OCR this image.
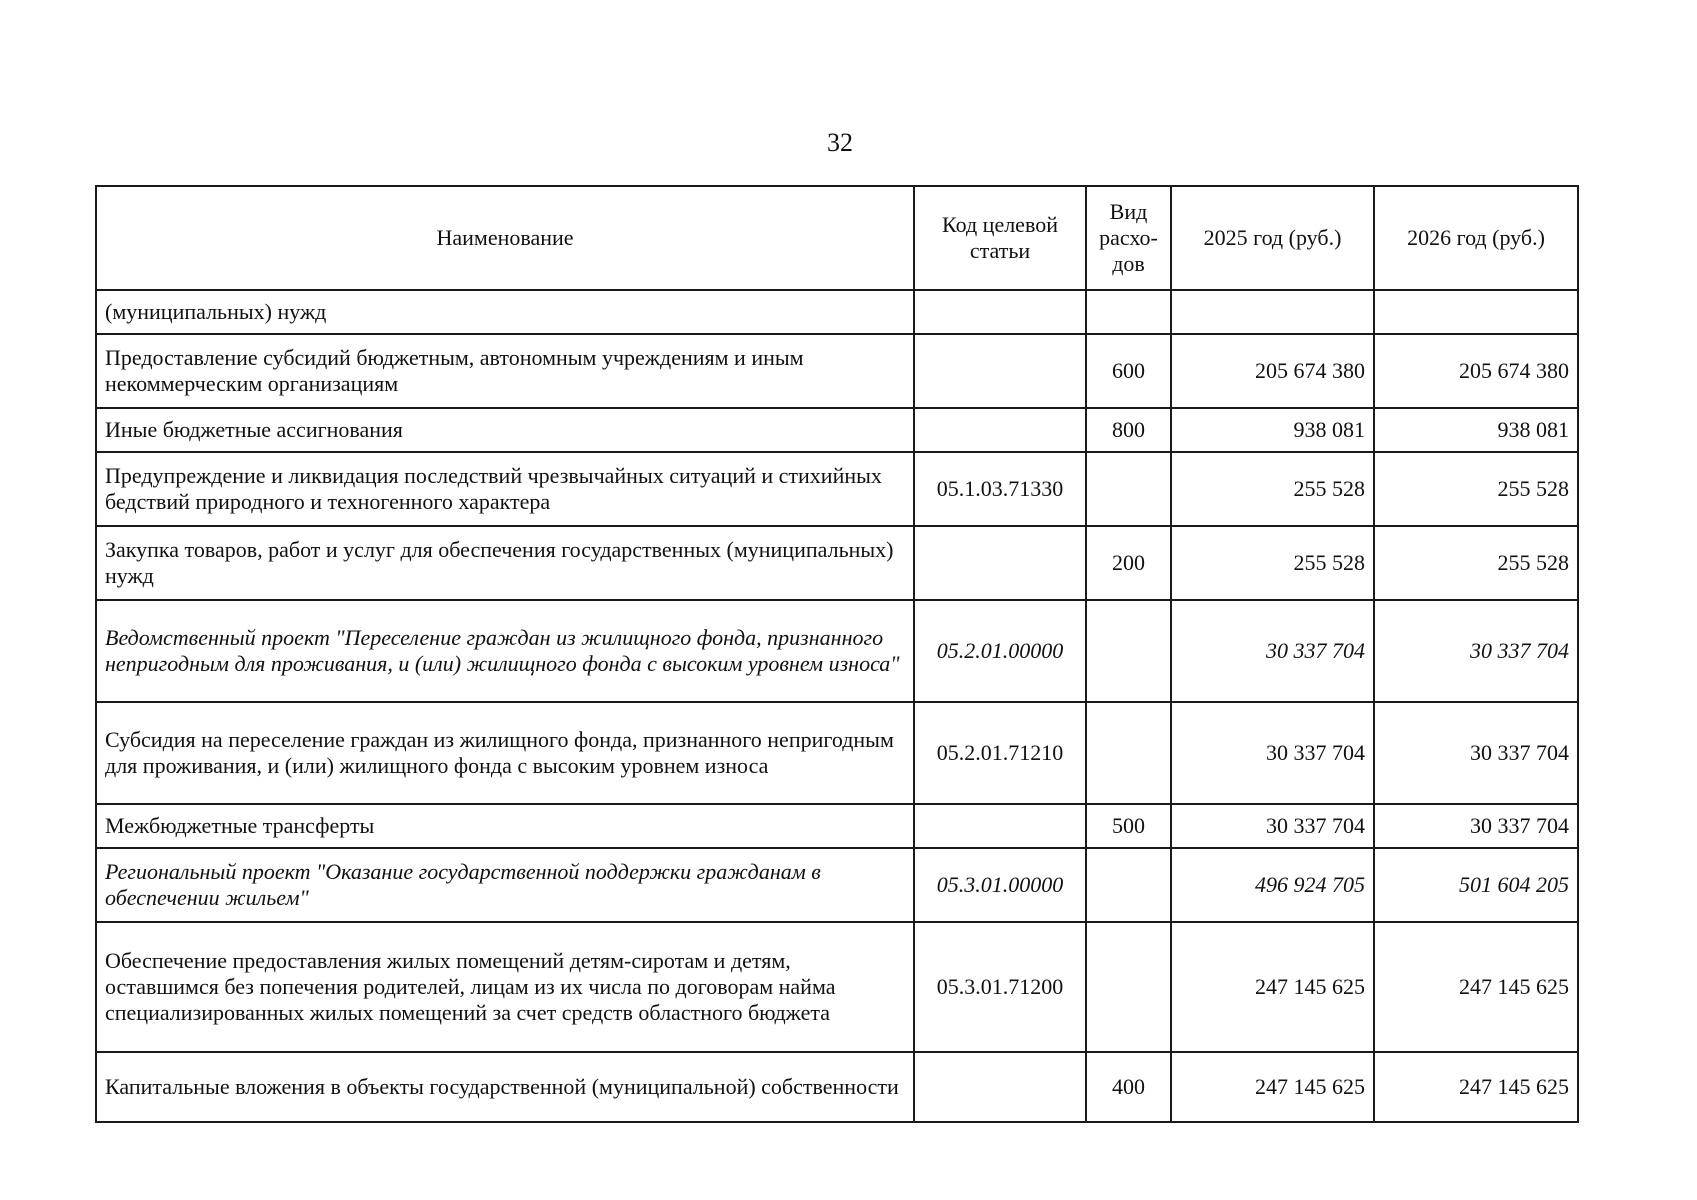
32
Наименование	Код целевой статьи	Вид расхо- дов	2025 год (руб.)	2026 год (руб.)
(муниципальных) нужд				
Предоставление субсидий бюджетным, автономным учреждениям и иным некоммерческим организациям		600	205 674 380	205 674 380
Иные бюджетные ассигнования		800	938 081	938 081
Предупреждение и ликвидация последствий чрезвычайных ситуаций и стихийных бедствий природного и техногенного характера	05.1.03.71330		255 528	255 528
Закупка товаров, работ и услуг для обеспечения государственных (муниципальных) нужд		200	255 528	255 528
Ведомственный проект "Переселение граждан из жилищного фонда, признанного непригодным для проживания, и (или) жилищного фонда с высоким уровнем износа"	05.2.01.00000		30 337 704	30 337 704
Субсидия на переселение граждан из жилищного фонда, признанного непригодным для проживания, и (или) жилищного фонда с высоким уровнем износа	05.2.01.71210		30 337 704	30 337 704
Межбюджетные трансферты		500	30 337 704	30 337 704
Региональный проект "Оказание государственной поддержки гражданам в обеспечении жильем"	05.3.01.00000		496 924 705	501 604 205
Обеспечение предоставления жилых помещений детям-сиротам и детям, оставшимся без попечения родителей, лицам из их числа по договорам найма специализированных жилых помещений за счет средств областного бюджета	05.3.01.71200		247 145 625	247 145 625
Капитальные вложения в объекты государственной (муниципальной) собственности		400	247 145 625	247 145 625
